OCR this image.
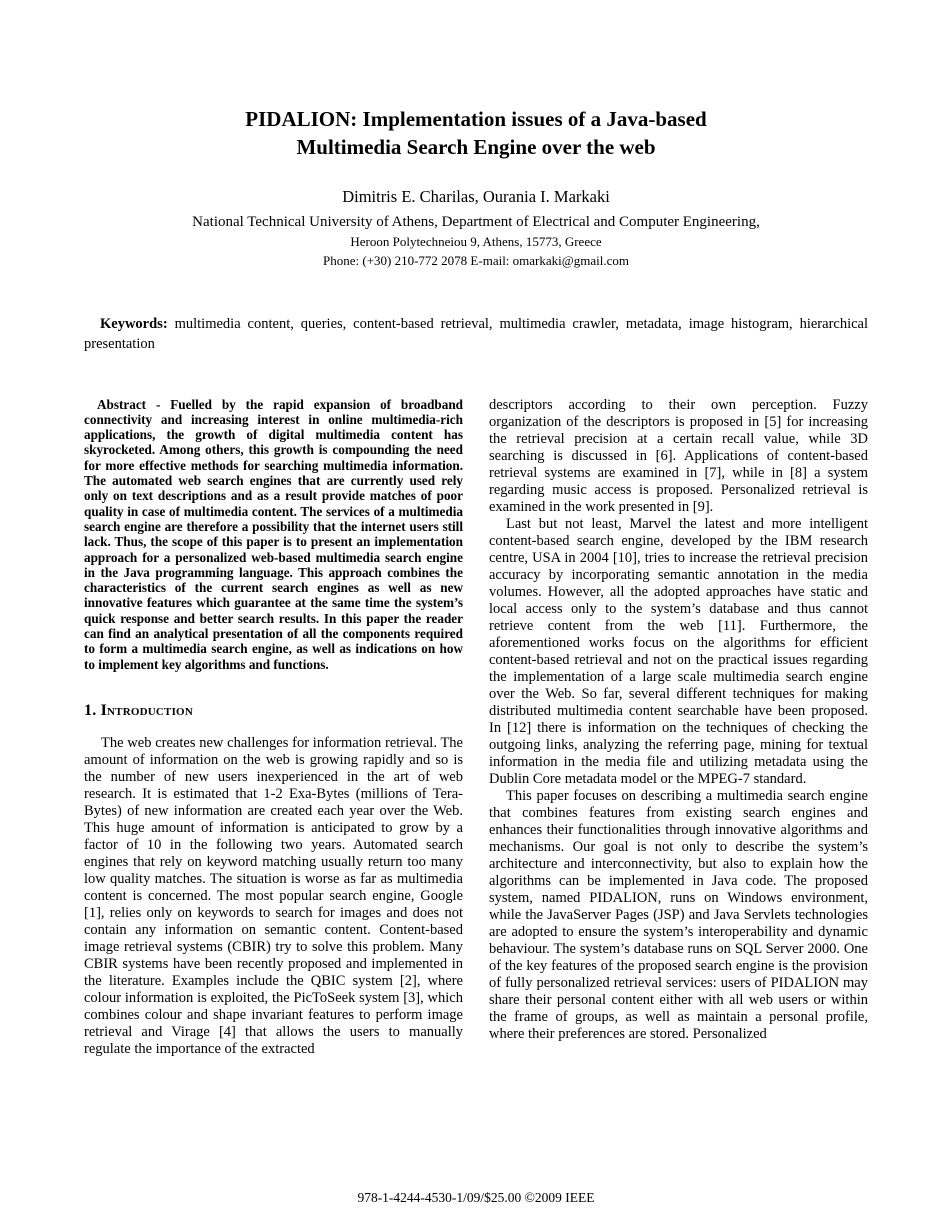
PIDALION: Implementation issues of a Java-based
Multimedia Search Engine over the web

Dimitris E. Charilas, Ourania I. Markaki

National Technical University of Athens, Department of Electrical and Computer Engineering,

Heroon Polytechneiou 9, Athens, 15773, Greece

Phone: (+30) 210-772 2078 E-mail: omarkaki@gmail.com

Keywords: multimedia content, queries, content-based retrieval, multimedia crawler, metadata, image histogram, hierarchical presentation

Abstract - Fuelled by the rapid expansion of broadband connectivity and increasing interest in online multimedia-rich applications, the growth of digital multimedia content has skyrocketed. Among others, this growth is compounding the need for more effective methods for searching multimedia information. The automated web search engines that are currently used rely only on text descriptions and as a result provide matches of poor quality in case of multimedia content. The services of a multimedia search engine are therefore a possibility that the internet users still lack. Thus, the scope of this paper is to present an implementation approach for a personalized web-based multimedia search engine in the Java programming language. This approach combines the characteristics of the current search engines as well as new innovative features which guarantee at the same time the system’s quick response and better search results. In this paper the reader can find an analytical presentation of all the components required to form a multimedia search engine, as well as indications on how to implement key algorithms and functions.

1. Introduction

The web creates new challenges for information retrieval. The amount of information on the web is growing rapidly and so is the number of new users inexperienced in the art of web research. It is estimated that 1-2 Exa-Bytes (millions of Tera-Bytes) of new information are created each year over the Web. This huge amount of information is anticipated to grow by a factor of 10 in the following two years. Automated search engines that rely on keyword matching usually return too many low quality matches. The situation is worse as far as multimedia content is concerned. The most popular search engine, Google [1], relies only on keywords to search for images and does not contain any information on semantic content. Content-based image retrieval systems (CBIR) try to solve this problem. Many CBIR systems have been recently proposed and implemented in the literature. Examples include the QBIC system [2], where colour information is exploited, the PicToSeek system [3], which combines colour and shape invariant features to perform image retrieval and Virage [4] that allows the users to manually regulate the importance of the extracted

descriptors according to their own perception. Fuzzy organization of the descriptors is proposed in [5] for increasing the retrieval precision at a certain recall value, while 3D searching is discussed in [6]. Applications of content-based retrieval systems are examined in [7], while in [8] a system regarding music access is proposed. Personalized retrieval is examined in the work presented in [9].

Last but not least, Marvel the latest and more intelligent content-based search engine, developed by the IBM research centre, USA in 2004 [10], tries to increase the retrieval precision accuracy by incorporating semantic annotation in the media volumes. However, all the adopted approaches have static and local access only to the system’s database and thus cannot retrieve content from the web [11]. Furthermore, the aforementioned works focus on the algorithms for efficient content-based retrieval and not on the practical issues regarding the implementation of a large scale multimedia search engine over the Web. So far, several different techniques for making distributed multimedia content searchable have been proposed. In [12] there is information on the techniques of checking the outgoing links, analyzing the referring page, mining for textual information in the media file and utilizing metadata using the Dublin Core metadata model or the MPEG-7 standard.

This paper focuses on describing a multimedia search engine that combines features from existing search engines and enhances their functionalities through innovative algorithms and mechanisms. Our goal is not only to describe the system’s architecture and interconnectivity, but also to explain how the algorithms can be implemented in Java code. The proposed system, named PIDALION, runs on Windows environment, while the JavaServer Pages (JSP) and Java Servlets technologies are adopted to ensure the system’s interoperability and dynamic behaviour. The system’s database runs on SQL Server 2000. One of the key features of the proposed search engine is the provision of fully personalized retrieval services: users of PIDALION may share their personal content either with all web users or within the frame of groups, as well as maintain a personal profile, where their preferences are stored. Personalized

978-1-4244-4530-1/09/$25.00 ©2009 IEEE
